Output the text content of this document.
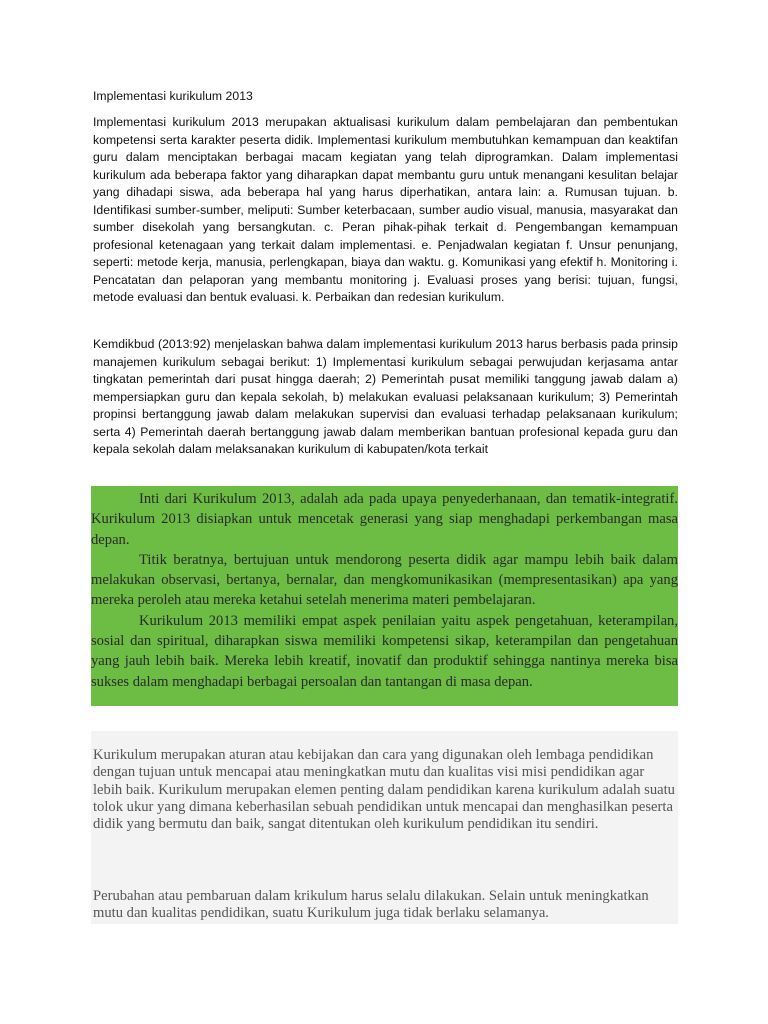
Implementasi kurikulum 2013

Implementasi kurikulum 2013 merupakan aktualisasi kurikulum dalam pembelajaran dan pembentukan kompetensi serta karakter peserta didik. Implementasi kurikulum membutuhkan kemampuan dan keaktifan guru dalam menciptakan berbagai macam kegiatan yang telah diprogramkan. Dalam implementasi kurikulum ada beberapa faktor yang diharapkan dapat membantu guru untuk menangani kesulitan belajar yang dihadapi siswa, ada beberapa hal yang harus diperhatikan, antara lain: a. Rumusan tujuan. b. Identifikasi sumber-sumber, meliputi: Sumber keterbacaan, sumber audio visual, manusia, masyarakat dan sumber disekolah yang bersangkutan. c. Peran pihak-pihak terkait d. Pengembangan kemampuan profesional ketenagaan yang terkait dalam implementasi. e. Penjadwalan kegiatan f. Unsur penunjang, seperti: metode kerja, manusia, perlengkapan, biaya dan waktu. g. Komunikasi yang efektif h. Monitoring i. Pencatatan dan pelaporan yang membantu monitoring j. Evaluasi proses yang berisi: tujuan, fungsi, metode evaluasi dan bentuk evaluasi. k. Perbaikan dan redesian kurikulum.

Kemdikbud (2013:92) menjelaskan bahwa dalam implementasi kurikulum 2013 harus berbasis pada prinsip manajemen kurikulum sebagai berikut: 1) Implementasi kurikulum sebagai perwujudan kerjasama antar tingkatan pemerintah dari pusat hingga daerah; 2) Pemerintah pusat memiliki tanggung jawab dalam a) mempersiapkan guru dan kepala sekolah, b) melakukan evaluasi pelaksanaan kurikulum; 3) Pemerintah propinsi bertanggung jawab dalam melakukan supervisi dan evaluasi terhadap pelaksanaan kurikulum; serta 4) Pemerintah daerah bertanggung jawab dalam memberikan bantuan profesional kepada guru dan kepala sekolah dalam melaksanakan kurikulum di kabupaten/kota terkait

Inti dari Kurikulum 2013, adalah ada pada upaya penyederhanaan, dan tematik-integratif. Kurikulum 2013 disiapkan untuk mencetak generasi yang siap menghadapi perkembangan masa depan.

Titik beratnya, bertujuan untuk mendorong peserta didik agar mampu lebih baik dalam melakukan observasi, bertanya, bernalar, dan mengkomunikasikan (mempresentasikan) apa yang mereka peroleh atau mereka ketahui setelah menerima materi pembelajaran.

Kurikulum 2013 memiliki empat aspek penilaian yaitu aspek pengetahuan, keterampilan, sosial dan spiritual, diharapkan siswa memiliki kompetensi sikap, keterampilan dan pengetahuan yang jauh lebih baik. Mereka lebih kreatif, inovatif dan produktif sehingga nantinya mereka bisa sukses dalam menghadapi berbagai persoalan dan tantangan di masa depan.

Kurikulum merupakan aturan atau kebijakan dan cara yang digunakan oleh lembaga pendidikan dengan tujuan untuk mencapai atau meningkatkan mutu dan kualitas visi misi pendidikan agar lebih baik. Kurikulum merupakan elemen penting dalam pendidikan karena kurikulum adalah suatu tolok ukur yang dimana keberhasilan sebuah pendidikan untuk mencapai dan menghasilkan peserta didik yang bermutu dan baik, sangat ditentukan oleh kurikulum pendidikan itu sendiri.

Perubahan atau pembaruan dalam krikulum harus selalu dilakukan. Selain untuk meningkatkan mutu dan kualitas pendidikan, suatu Kurikulum juga tidak berlaku selamanya.
